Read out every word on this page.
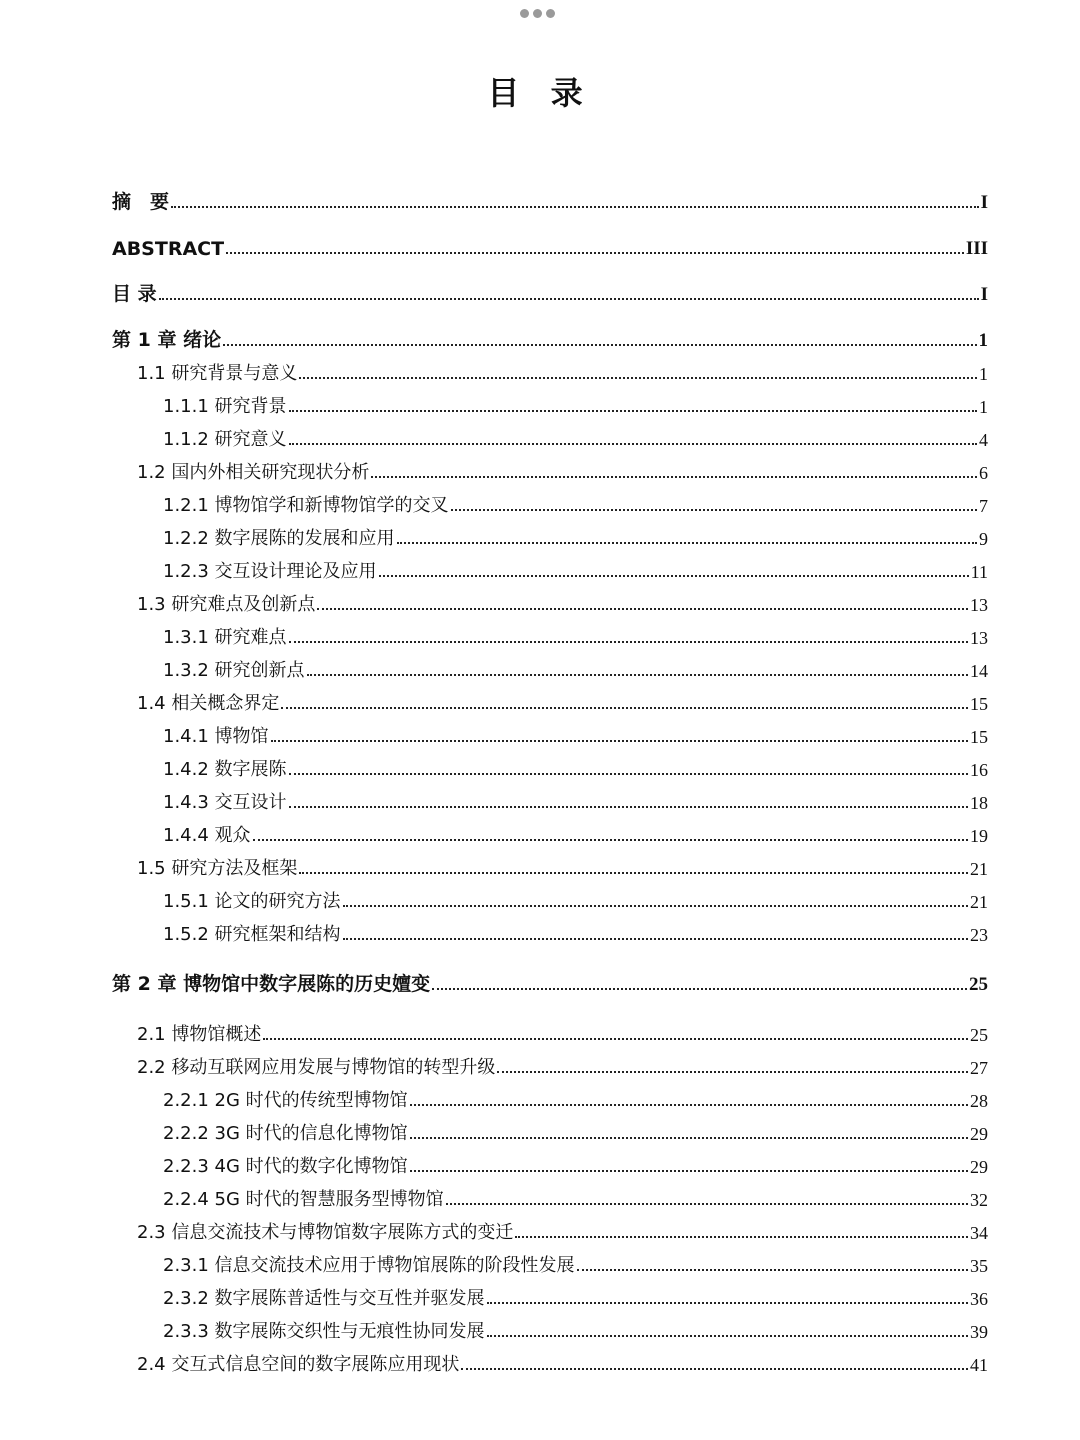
目 录
摘　要	I
ABSTRACT	III
目 录	I
第 1 章 绪论	1
1.1 研究背景与意义	1
1.1.1 研究背景	1
1.1.2 研究意义	4
1.2 国内外相关研究现状分析	6
1.2.1 博物馆学和新博物馆学的交叉	7
1.2.2 数字展陈的发展和应用	9
1.2.3 交互设计理论及应用	11
1.3 研究难点及创新点	13
1.3.1 研究难点	13
1.3.2 研究创新点	14
1.4 相关概念界定	15
1.4.1 博物馆	15
1.4.2 数字展陈	16
1.4.3 交互设计	18
1.4.4 观众	19
1.5 研究方法及框架	21
1.5.1 论文的研究方法	21
1.5.2 研究框架和结构	23
第 2 章 博物馆中数字展陈的历史嬗变	25
2.1 博物馆概述	25
2.2 移动互联网应用发展与博物馆的转型升级	27
2.2.1 2G 时代的传统型博物馆	28
2.2.2 3G 时代的信息化博物馆	29
2.2.3 4G 时代的数字化博物馆	29
2.2.4 5G 时代的智慧服务型博物馆	32
2.3 信息交流技术与博物馆数字展陈方式的变迁	34
2.3.1 信息交流技术应用于博物馆展陈的阶段性发展	35
2.3.2 数字展陈普适性与交互性并驱发展	36
2.3.3 数字展陈交织性与无痕性协同发展	39
2.4 交互式信息空间的数字展陈应用现状	41
